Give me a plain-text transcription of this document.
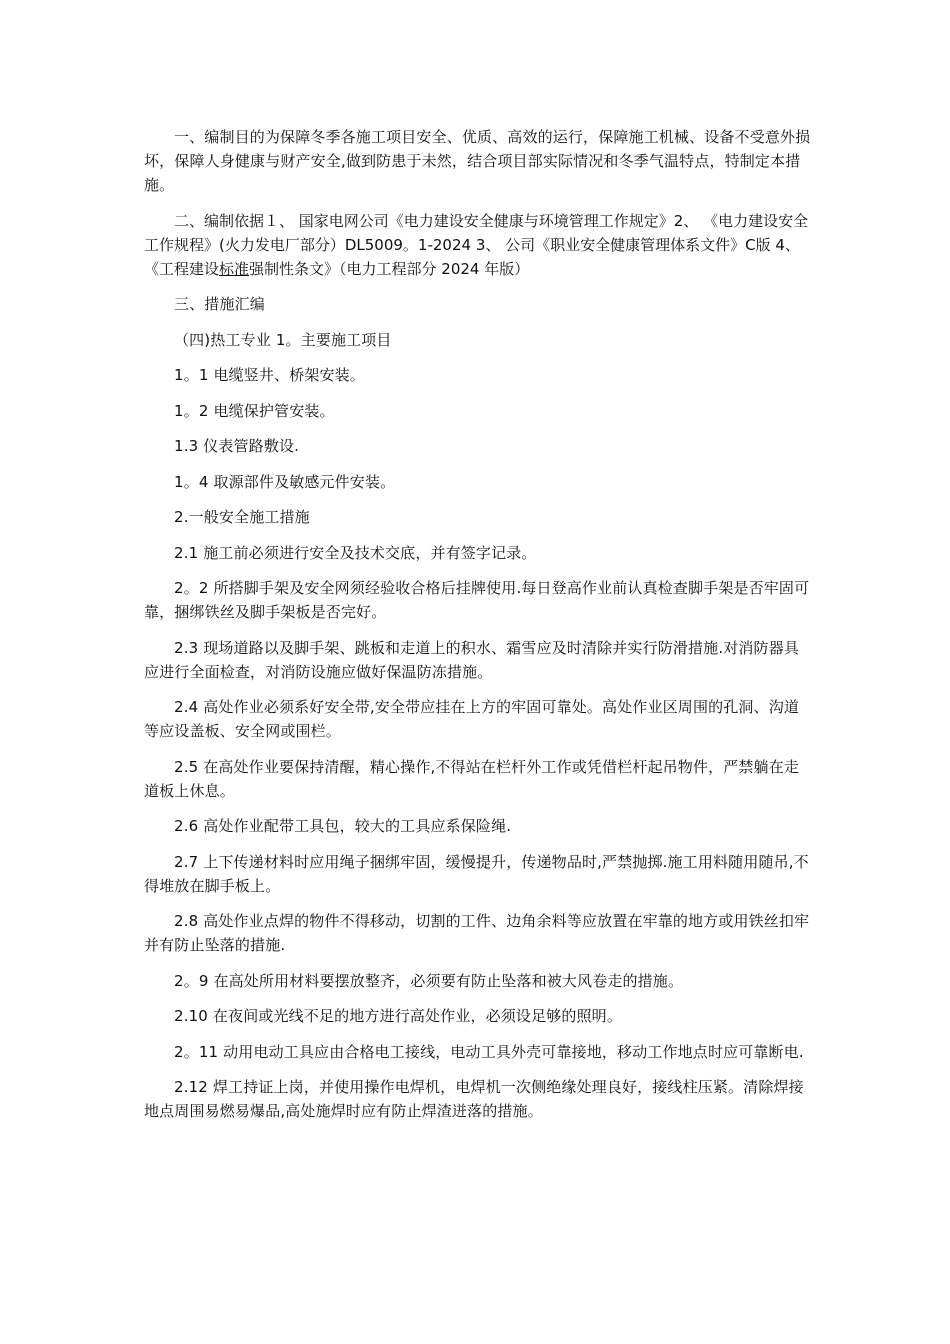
一、编制目的为保障冬季各施工项目安全、优质、高效的运行，保障施工机械、设备不受意外损坏，保障人身健康与财产安全,做到防患于未然，结合项目部实际情况和冬季气温特点，特制定本措施。

二、编制依据１、 国家电网公司《电力建设安全健康与环境管理工作规定》2、 《电力建设安全工作规程》(火力发电厂部分）DL5009。1-2024 3、 公司《职业安全健康管理体系文件》C版 4、 《工程建设标准强制性条文》（电力工程部分 2024 年版）

三、措施汇编

（四)热工专业 1。主要施工项目

1。1 电缆竖井、桥架安装。

1。2 电缆保护管安装。

1.3 仪表管路敷设.

1。4 取源部件及敏感元件安装。

2.一般安全施工措施

2.1 施工前必须进行安全及技术交底，并有签字记录。

2。2 所搭脚手架及安全网须经验收合格后挂牌使用.每日登高作业前认真检查脚手架是否牢固可靠，捆绑铁丝及脚手架板是否完好。

2.3 现场道路以及脚手架、跳板和走道上的积水、霜雪应及时清除并实行防滑措施.对消防器具应进行全面检查，对消防设施应做好保温防冻措施。

2.4 高处作业必须系好安全带,安全带应挂在上方的牢固可靠处。高处作业区周围的孔洞、沟道等应设盖板、安全网或围栏。

2.5 在高处作业要保持清醒，精心操作,不得站在栏杆外工作或凭借栏杆起吊物件，严禁躺在走道板上休息。

2.6 高处作业配带工具包，较大的工具应系保险绳.

2.7 上下传递材料时应用绳子捆绑牢固，缓慢提升，传递物品时,严禁抛掷.施工用料随用随吊,不得堆放在脚手板上。

2.8 高处作业点焊的物件不得移动，切割的工件、边角余料等应放置在牢靠的地方或用铁丝扣牢并有防止坠落的措施.

2。9 在高处所用材料要摆放整齐，必须要有防止坠落和被大风卷走的措施。

2.10 在夜间或光线不足的地方进行高处作业，必须设足够的照明。

2。11 动用电动工具应由合格电工接线，电动工具外壳可靠接地，移动工作地点时应可靠断电.

2.12 焊工持证上岗，并使用操作电焊机，电焊机一次侧绝缘处理良好，接线柱压紧。清除焊接地点周围易燃易爆品,高处施焊时应有防止焊渣迸落的措施。
